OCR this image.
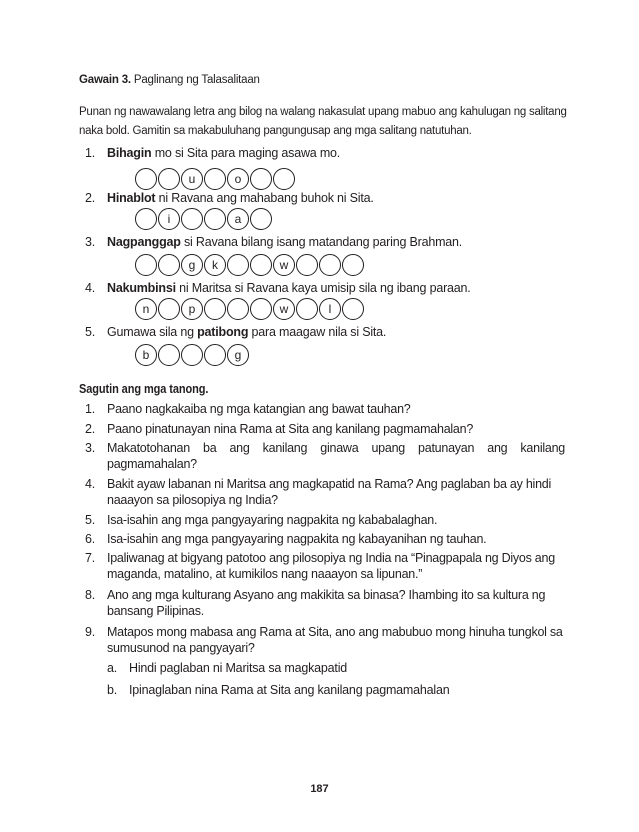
Gawain 3. Paglinang ng Talasalitaan
Punan ng nawawalang letra ang bilog na walang nakasulat upang mabuo ang kahulugan ng salitang naka bold. Gamitin sa makabuluhang pangungusap ang mga salitang natutuhan.
1. Bihagin mo si Sita para maging asawa mo.
u	o
2. Hinablot ni Ravana ang mahabang buhok ni Sita.
i	a
3. Nagpanggap si Ravana bilang isang matandang paring Brahman.
g	k	w
4. Nakumbinsi ni Maritsa si Ravana kaya umisip sila ng ibang paraan.
n	p	w	l
5. Gumawa sila ng patibong para maagaw nila si Sita.
b	g
Sagutin ang mga tanong.
1. Paano nagkakaiba ng mga katangian ang bawat tauhan?
2. Paano pinatunayan nina Rama at Sita ang kanilang pagmamahalan?
3. Makatotohanan ba ang kanilang ginawa upang patunayan ang kanilang pagmamahalan?
4. Bakit ayaw labanan ni Maritsa ang magkapatid na Rama? Ang paglaban ba ay hindi naaayon sa pilosopiya ng India?
5. Isa-isahin ang mga pangyayaring nagpakita ng kababalaghan.
6. Isa-isahin ang mga pangyayaring nagpakita ng kabayanihan ng tauhan.
7. Ipaliwanag at bigyang patotoo ang pilosopiya ng India na “Pinagpapala ng Diyos ang maganda, matalino, at kumikilos nang naaayon sa lipunan.”
8. Ano ang mga kulturang Asyano ang makikita sa binasa? Ihambing ito sa kultura ng bansang Pilipinas.
9. Matapos mong mabasa ang Rama at Sita, ano ang mabubuo mong hinuha tungkol sa sumusunod na pangyayari?
a. Hindi paglaban ni Maritsa sa magkapatid
b. Ipinaglaban nina Rama at Sita ang kanilang pagmamahalan
187
